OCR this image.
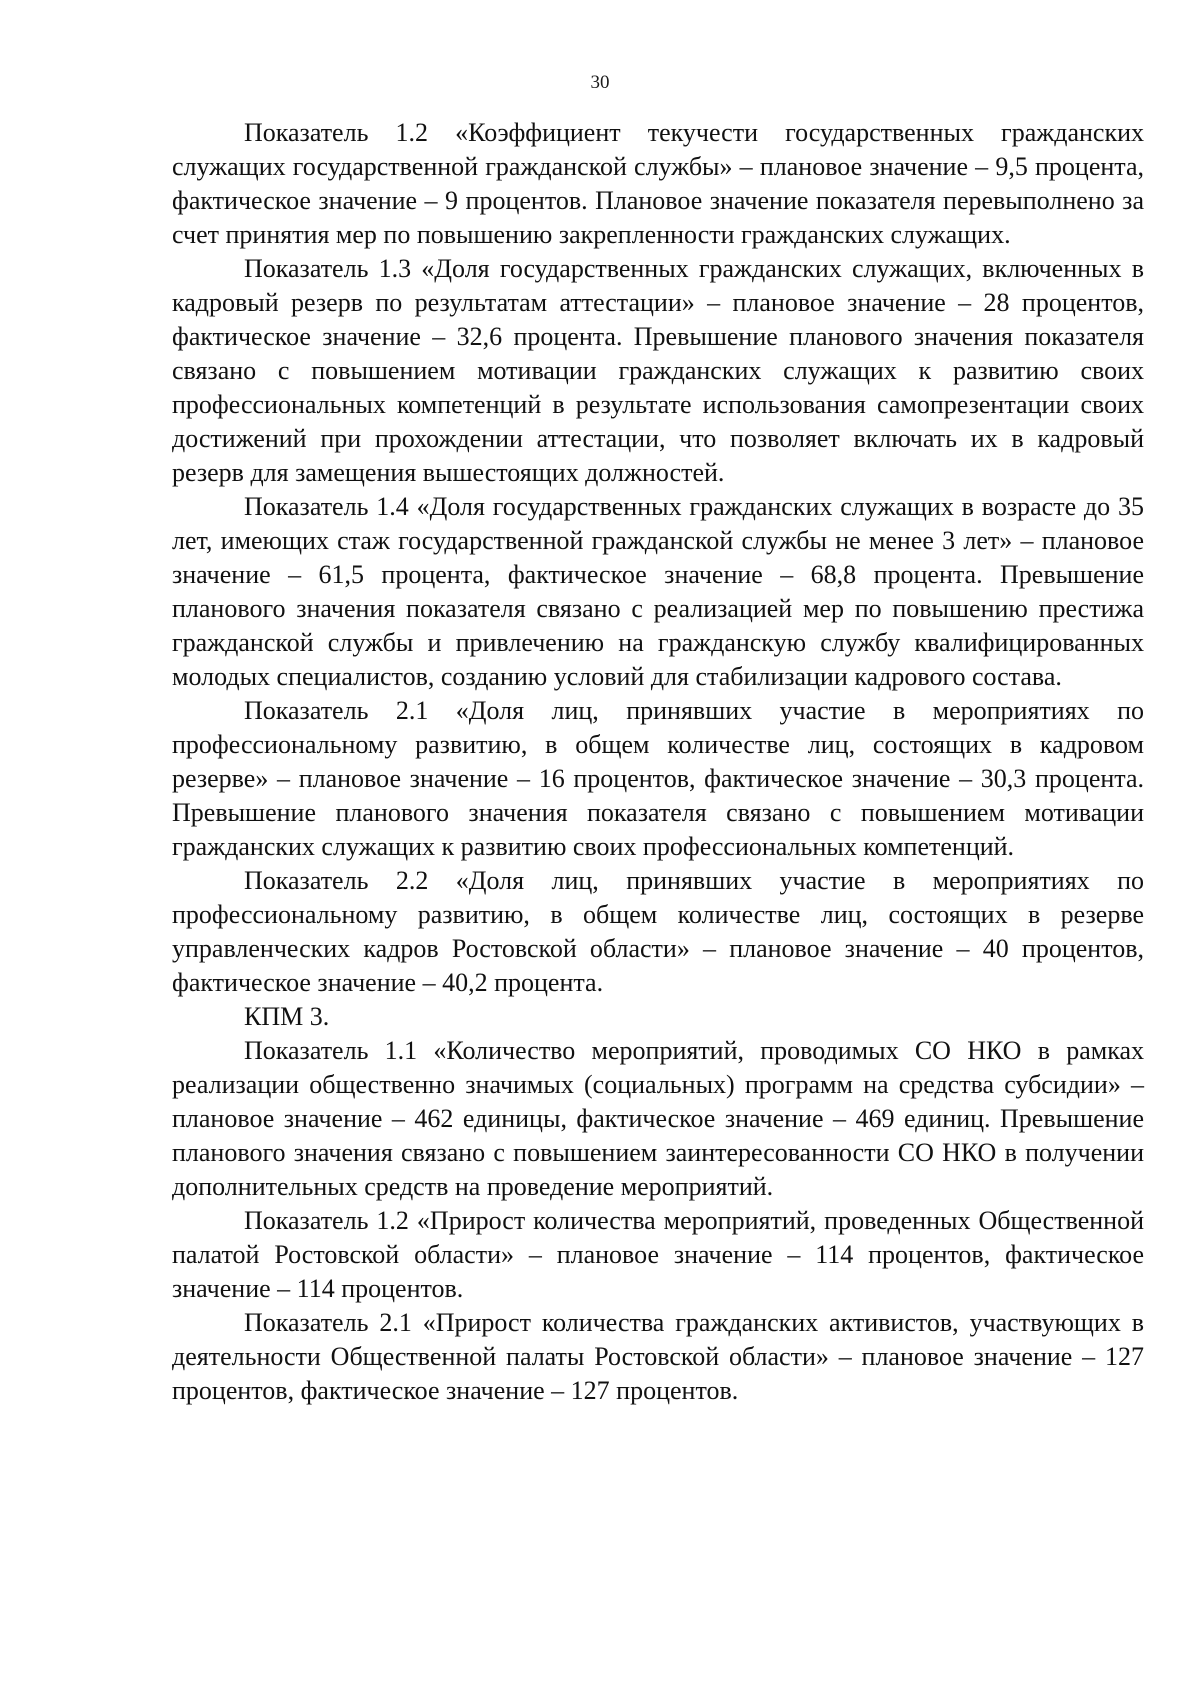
30

Показатель 1.2 «Коэффициент текучести государственных гражданских служащих государственной гражданской службы» – плановое значение – 9,5 процента, фактическое значение – 9 процентов. Плановое значение показателя перевыполнено за счет принятия мер по повышению закрепленности гражданских служащих.

Показатель 1.3 «Доля государственных гражданских служащих, включенных в кадровый резерв по результатам аттестации» – плановое значение – 28 процентов, фактическое значение – 32,6 процента. Превышение планового значения показателя связано с повышением мотивации гражданских служащих к развитию своих профессиональных компетенций в результате использования самопрезентации своих достижений при прохождении аттестации, что позволяет включать их в кадровый резерв для замещения вышестоящих должностей.

Показатель 1.4 «Доля государственных гражданских служащих в возрасте до 35 лет, имеющих стаж государственной гражданской службы не менее 3 лет» – плановое значение – 61,5 процента, фактическое значение – 68,8 процента. Превышение планового значения показателя связано с реализацией мер по повышению престижа гражданской службы и привлечению на гражданскую службу квалифицированных молодых специалистов, созданию условий для стабилизации кадрового состава.

Показатель 2.1 «Доля лиц, принявших участие в мероприятиях по профессиональному развитию, в общем количестве лиц, состоящих в кадровом резерве» – плановое значение – 16 процентов, фактическое значение – 30,3 процента. Превышение планового значения показателя связано с повышением мотивации гражданских служащих к развитию своих профессиональных компетенций.

Показатель 2.2 «Доля лиц, принявших участие в мероприятиях по профессиональному развитию, в общем количестве лиц, состоящих в резерве управленческих кадров Ростовской области» – плановое значение – 40 процентов, фактическое значение – 40,2 процента.

КПМ 3.

Показатель 1.1 «Количество мероприятий, проводимых СО НКО в рамках реализации общественно значимых (социальных) программ на средства субсидии» – плановое значение – 462 единицы, фактическое значение – 469 единиц. Превышение планового значения связано с повышением заинтересованности СО НКО в получении дополнительных средств на проведение мероприятий.

Показатель 1.2 «Прирост количества мероприятий, проведенных Общественной палатой Ростовской области» – плановое значение – 114 процентов, фактическое значение – 114 процентов.

Показатель 2.1 «Прирост количества гражданских активистов, участвующих в деятельности Общественной палаты Ростовской области» – плановое значение – 127 процентов, фактическое значение – 127 процентов.
